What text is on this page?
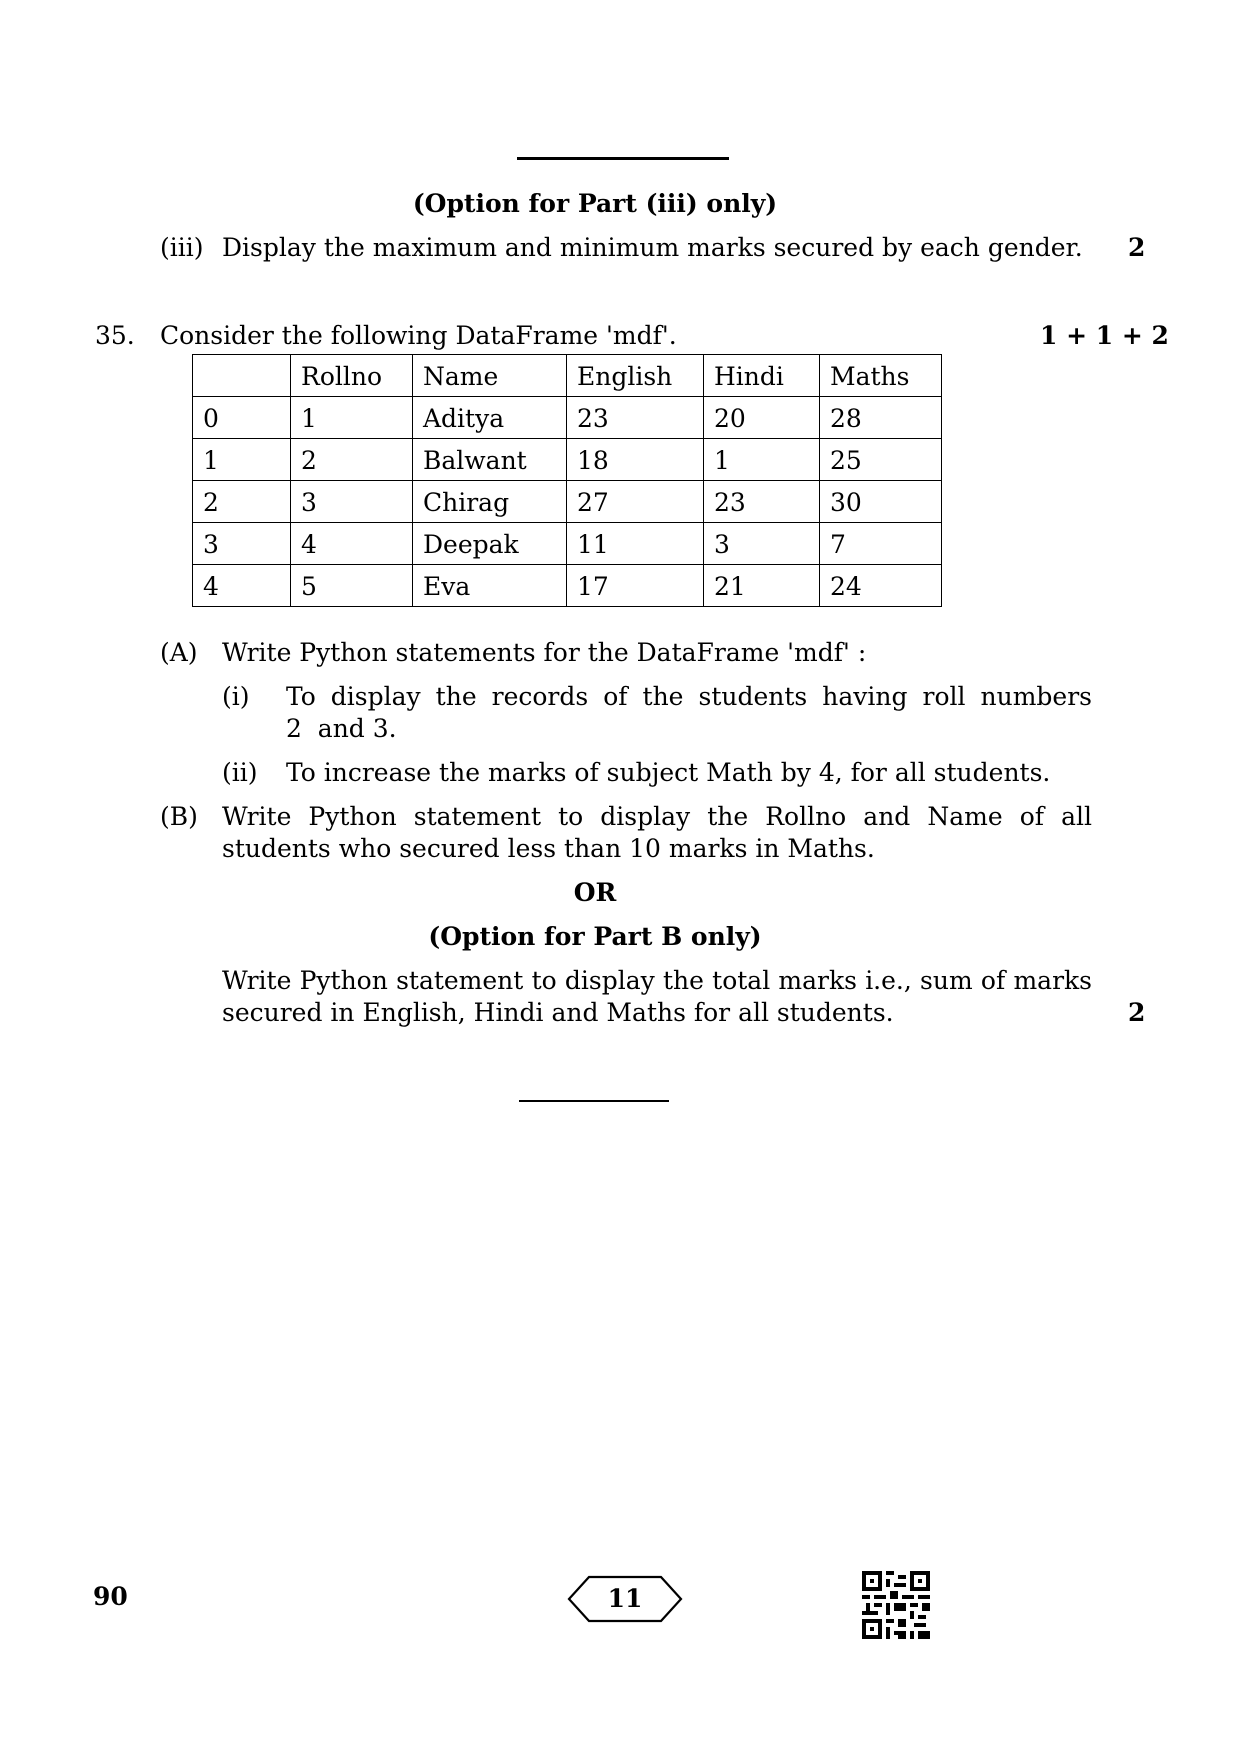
(Option for Part (iii) only)
(iii) Display the maximum and minimum marks secured by each gender. 2
35. Consider the following DataFrame 'mdf'.	1 + 1 + 2
	Rollno	Name	English	Hindi	Maths
0	1	Aditya	23	20	28
1	2	Balwant	18	1	25
2	3	Chirag	27	23	30
3	4	Deepak	11	3	7
4	5	Eva	17	21	24
(A) Write Python statements for the DataFrame 'mdf' :
(i) To display the records of the students having roll numbers
2  and 3.
(ii) To increase the marks of subject Math by 4, for all students.
(B) Write Python statement to display the Rollno and Name of all
students who secured less than 10 marks in Maths.
OR
(Option for Part B only)
Write Python statement to display the total marks i.e., sum of marks
secured in English, Hindi and Maths for all students.	2
90	11
